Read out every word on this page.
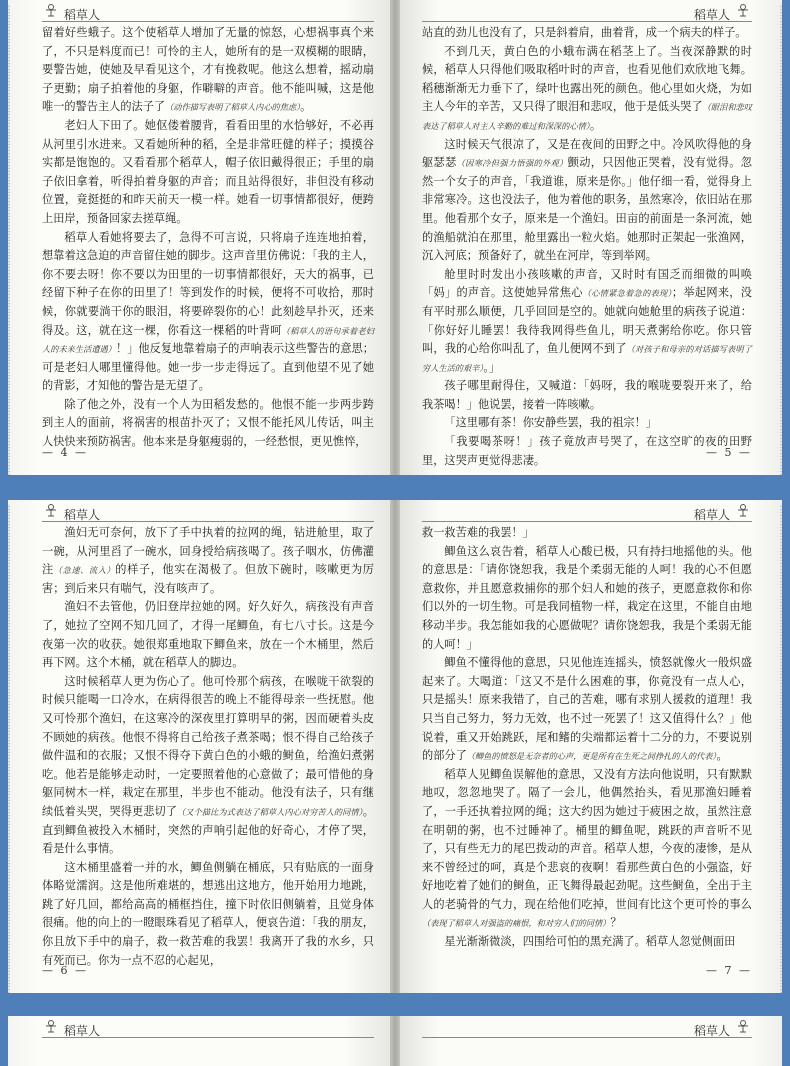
稻草人

留着好些蛾子。这个使稻草人增加了无量的惊怒，心想祸事真个来了，不只是料度而已！可怜的主人，她所有的是一双模糊的眼睛，要警告她，使她及早看见这个，才有挽救呢。他这么想着，摇动扇子更勤；扇子拍着他的身躯，作噼噼的声音。他不能叫喊，这是他唯一的警告主人的法子了（动作描写表明了稻草人内心的焦虑）。

老妇人下田了。她伛偻着腰背，看看田里的水恰够好，不必再从河里引水进来。又看她所种的稻，全是非常旺健的样子；摸摸谷实都是饱饱的。又看看那个稻草人，帽子依旧戴得很正；手里的扇子依旧拿着，听得拍着身躯的声音；而且站得很好，非但没有移动位置，竟挺挺的和昨天前天一模一样。她看一切事情都很好，便跨上田岸，预备回家去搓草绳。

稻草人看她将要去了，急得不可言说，只将扇子连连地拍着，想靠着这急迫的声音留住她的脚步。这声音里仿佛说：「我的主人，你不要去呀！你不要以为田里的一切事情都很好，天大的祸事，已经留下种子在你的田里了！等到发作的时候，便将不可收拾，那时候，你就要淌干你的眼泪，将要碎裂你的心！此刻趁早扑灭，还来得及。这，就在这一棵，你看这一棵稻的叶背呵（稻草人的语句承着老妇人的未来生活遭遇）！」他反复地靠着扇子的声响表示这些警告的意思；可是老妇人哪里懂得他。她一步一步走得远了。直到他望不见了她的背影，才知他的警告是无望了。

除了他之外，没有一个人为田稻发愁的。他恨不能一步两步跨到主人的面前，将祸害的根苗扑灭了；又恨不能托风儿传话，叫主人快快来预防祸害。他本来是身躯瘦弱的，一经愁恨，更见憔悴，

— 4 —
稻草人

站直的劲儿也没有了，只是斜着肩，曲着背，成一个病夫的样子。

不到几天，黄白色的小蛾布满在稻茎上了。当夜深静默的时候，稻草人只得他们吸取稻叶时的声音，也看见他们欢欣地飞舞。稻穗渐渐无力垂下了，绿叶也露出死的颜色。他心里如火烧，为如主人今年的辛苦，又只得了眼泪和悲叹，他于是低头哭了（眼泪和悲叹表达了稻草人对主人辛勤的难过和深深的心情）。

这时候天气很凉了，又是在夜间的田野之中。冷风吹得他的身躯瑟瑟（因寒冷但强力悟强的外观）颤动，只因他正哭着，没有觉得。忽然一个女子的声音，「我道谁，原来是你。」他仔细一看，觉得身上非常寒冷。这也没法子，他为着他的职务，虽然寒冷，依旧站在那里。他看那个女子，原来是一个渔妇。田亩的前面是一条河流，她的渔船就泊在那里，舱里露出一粒火焰。她那时正架起一张渔网，沉入河底；预备好了，就坐在河岸，等到举网。

舱里时时发出小孩咳嗽的声音，又时时有国乏而细微的叫唤「妈」的声音。这使她异常焦心（心情紧急着急的表现）；举起网来，没有平时那么顺便，几乎回回是空的。她就向她舱里的病孩子说道：「你好好儿睡罢！我待我网得些鱼儿，明天煮粥给你吃。你只管叫，我的心给你叫乱了，鱼儿便网不到了（对孩子和母亲的对话描写表明了穷人生活的艰辛）。」

孩子哪里耐得住，又喊道：「妈呀，我的喉咙要裂开来了，给我茶喝！」他说罢，接着一阵咳嗽。

「这里哪有茶！你安静些罢，我的祖宗！」

「我要喝茶呀！」孩子竟放声号哭了，在这空旷的夜的田野里，这哭声更觉得悲凄。

— 5 —
稻草人

渔妇无可奈何，放下了手中执着的拉网的绳，钻进舱里，取了一碗，从河里舀了一碗水，回身授给病孩喝了。孩子咽水，仿佛灌注（急速、流入）的样子，他实在渴极了。但放下碗时，咳嗽更为厉害；到后来只有喘气，没有咳声了。

渔妇不去管他，仍旧登岸拉她的网。好久好久，病孩没有声音了，她拉了空网不知几回了，才得一尾鲫鱼，有七八寸长。这是今夜第一次的收获。她很郑重地取下鲫鱼来，放在一个木桶里，然后再下网。这个木桶，就在稻草人的脚边。

这时候稻草人更为伤心了。他可怜那个病孩，在喉咙干欲裂的时候只能喝一口冷水，在病得很苦的晚上不能得母亲一些抚慰。他又可怜那个渔妇，在这寒冷的深夜里打算明早的粥，因而硬着头皮不顾她的病孩。他恨不得将自己给孩子煮茶喝；恨不得自己给孩子做件温和的衣服；又恨不得夺下黄白色的小蛾的鲥鱼，给渔妇煮粥吃。他若是能够走动时，一定要照着他的心意做了；最可惜他的身躯同树木一样，栽定在那里，半步也不能动。他没有法子，只有继续低着头哭，哭得更悲切了（又个描比为式表达了稻草人内心对穷苦人的同情）。直到鲫鱼被投入木桶时，突然的声响引起他的好奇心，才停了哭，看是什么事情。

这木桶里盛着一并的水，鲫鱼侧躺在桶底，只有贴底的一面身体略觉濡润。这是他所难堪的，想逃出这地方，他开始用力地跳，跳了好几回，都给高高的桶框挡住，撞下时依旧侧躺着，且觉身体很痛。他的向上的一瞪眼珠看见了稻草人，便哀告道：「我的朋友，你且放下手中的扇子，救一救苦难的我罢！我离开了我的水乡，只有死而已。你为一点不忍的心起见，

— 6 —
稻草人

救一救苦难的我罢！」

鲫鱼这么哀告着，稻草人心酸已极，只有持扫地摇他的头。他的意思是：「请你饶恕我，我是个柔弱无能的人呵！我的心不但愿意救你，并且愿意救捕你的那个妇人和她的孩子，更愿意救你和你们以外的一切生物。可是我同植物一样，栽定在这里，不能自由地移动半步。我怎能如我的心愿做呢？请你饶恕我，我是个柔弱无能的人呵！」

鲫鱼不懂得他的意思，只见他连连摇头，愤怒就像火一般炽盛起来了。大喝道：「这又不是什么困难的事，你竟没有一点人心，只是摇头！原来我错了，自己的苦难，哪有求别人援救的道理！我只当自己努力，努力无效，也不过一死罢了！这又值得什么？」他说着，重又开始跳跃，尾和鳍的尖端都运着十二分的力，不要说别的部分了（鲫鱼的愤怒是无奈者的心声，更是所有在生死之间挣扎的人的代表）。

稻草人见鲫鱼误解他的意思，又没有方法向他说明，只有默默地叹，忽忽地哭了。隔了一会儿，他偶然抬头，看见那渔妇睡着了，一手还执着拉网的绳；这大约因为她过于疲困之故，虽然注意在明朝的粥，也不过睡神了。桶里的鲫鱼呢，跳跃的声音听不见了，只有些无力的尾巴拨动的声音。稻草人想，今夜的凄惨，是从来不曾经过的呵，真是个悲哀的夜啊！看那些黄白色的小强盗，好好地吃着了她们的鲥鱼，正飞舞得最起劲呢。这些鲥鱼，全出于主人的老骑骨的气力，现在给他们吃掉，世间有比这个更可怜的事么（表现了稻草人对强盗的痛恨，和对穷人们的同情）？

星光渐渐微淡，四围给可怕的黑充满了。稻草人忽觉侧面田

— 7 —
稻草人	稻草人
